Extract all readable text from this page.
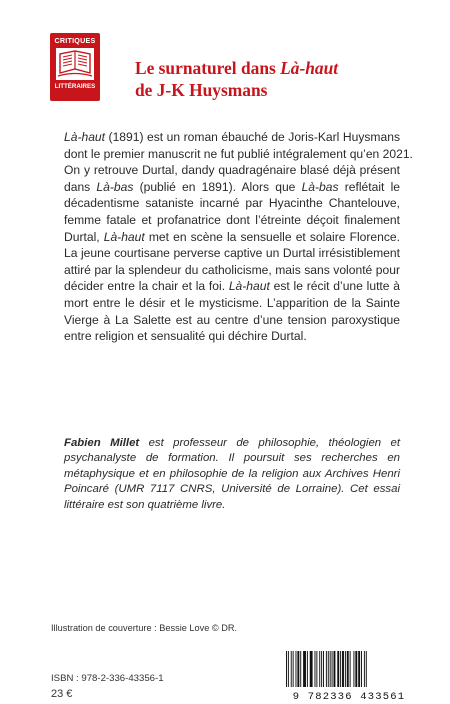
CRITIQUES
LITTÉRAIRES
Le surnaturel dans Là-haut
de J-K Huysmans
Là-haut (1891) est un roman ébauché de Joris-Karl Huysmans
dont le premier manuscrit ne fut publié intégralement qu’en 2021.
On y retrouve Durtal, dandy quadragénaire blasé déjà présent
dans Là-bas (publié en 1891). Alors que Là-bas reflétait le
décadentisme sataniste incarné par Hyacinthe Chantelouve,
femme fatale et profanatrice dont l’étreinte déçoit finalement
Durtal, Là-haut met en scène la sensuelle et solaire Florence.
La jeune courtisane perverse captive un Durtal irrésistiblement
attiré par la splendeur du catholicisme, mais sans volonté pour
décider entre la chair et la foi. Là-haut est le récit d’une lutte à
mort entre le désir et le mysticisme. L’apparition de la Sainte
Vierge à La Salette est au centre d’une tension paroxystique
entre religion et sensualité qui déchire Durtal.
Fabien Millet est professeur de philosophie, théologien et
psychanalyste de formation. Il poursuit ses recherches en
métaphysique et en philosophie de la religion aux Archives Henri
Poincaré (UMR 7117 CNRS, Université de Lorraine). Cet essai
littéraire est son quatrième livre.
Illustration de couverture : Bessie Love © DR.
ISBN : 978-2-336-43356-1
23 €	9 782336 433561
